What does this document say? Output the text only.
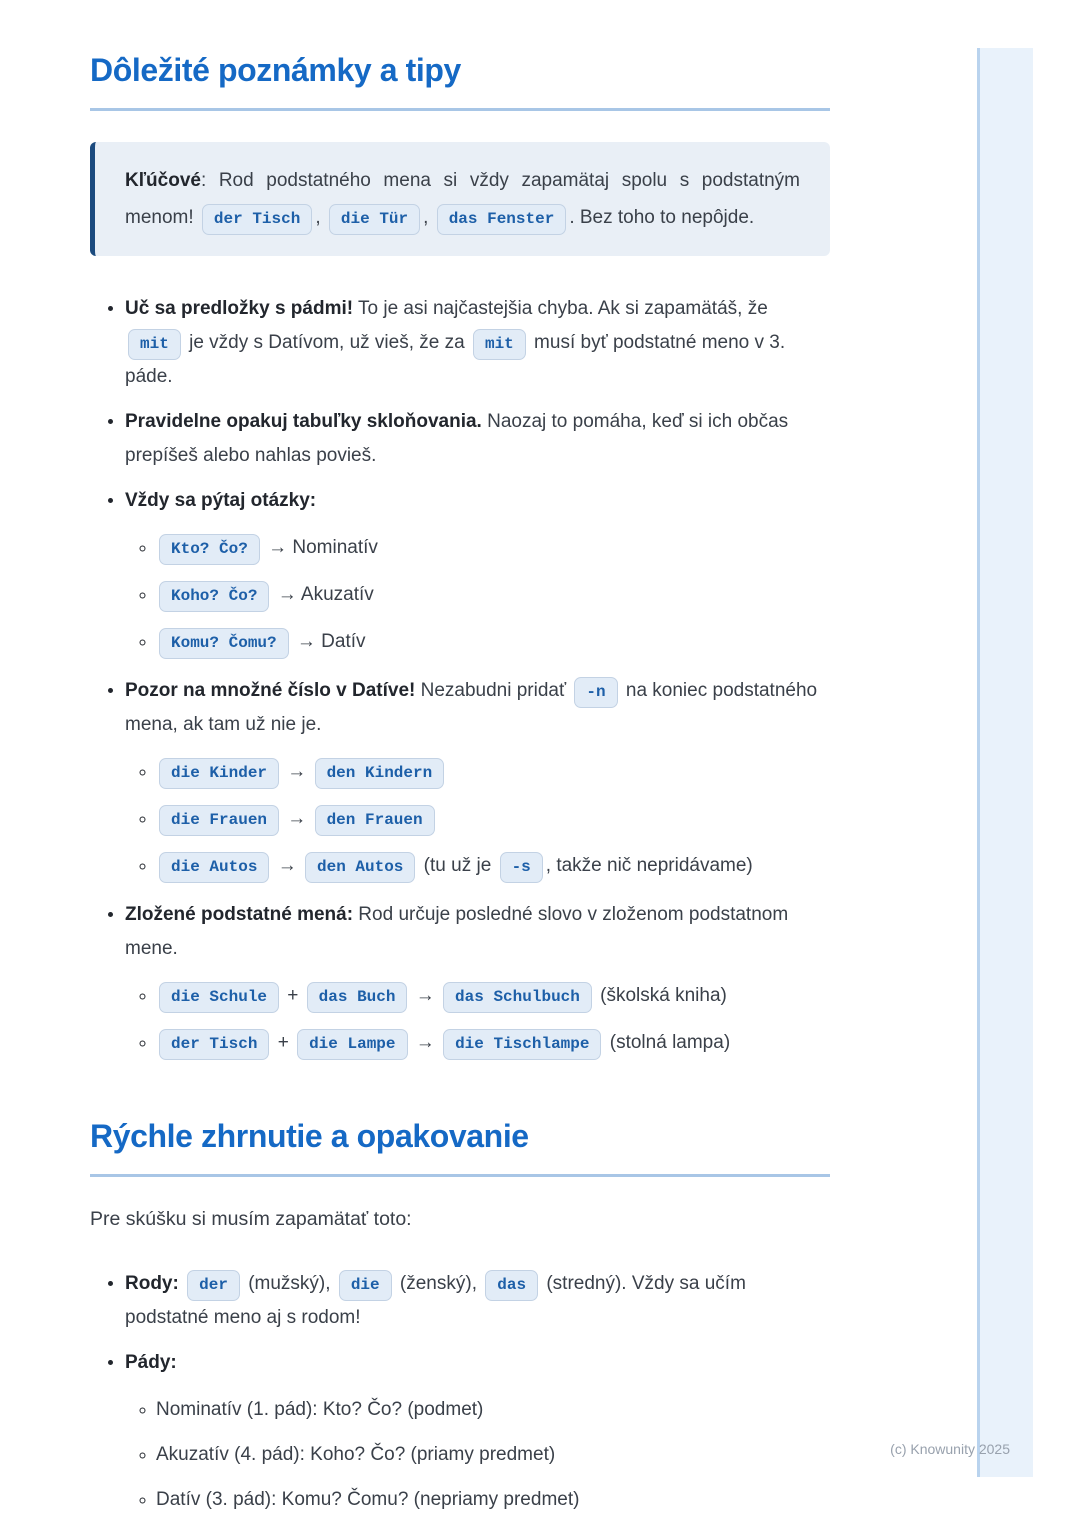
Dôležité poznámky a tipy

Kľúčové: Rod podstatného mena si vždy zapamätaj spolu s podstatným menom! der Tisch , die Tür , das Fenster . Bez toho to nepôjde.

• Uč sa predložky s pádmi! To je asi najčastejšia chyba. Ak si zapamätáš, že mit je vždy s Datívom, už vieš, že za mit musí byť podstatné meno v 3. páde.

• Pravidelne opakuj tabuľky skloňovania. Naozaj to pomáha, keď si ich občas prepíšeš alebo nahlas povieš.

• Vždy sa pýtaj otázky:

◦ Kto? Čo? → Nominatív
◦ Koho? Čo? → Akuzatív
◦ Komu? Čomu? → Datív

• Pozor na množné číslo v Datíve! Nezabudni pridať -n na koniec podstatného mena, ak tam už nie je.

◦ die Kinder → den Kindern
◦ die Frauen → den Frauen
◦ die Autos → den Autos (tu už je -s , takže nič nepridávame)

• Zložené podstatné mená: Rod určuje posledné slovo v zloženom podstatnom mene.

◦ die Schule + das Buch → das Schulbuch (školská kniha)
◦ der Tisch + die Lampe → die Tischlampe (stolná lampa)
Rýchle zhrnutie a opakovanie

Pre skúšku si musím zapamätať toto:

• Rody: der (mužský), die (ženský), das (stredný). Vždy sa učím podstatné meno aj s rodom!

• Pády:

◦ Nominatív (1. pád): Kto? Čo? (podmet)
◦ Akuzatív (4. pád): Koho? Čo? (priamy predmet)
◦ Datív (3. pád): Komu? Čomu? (nepriamy predmet)
(c) Knowunity 2025
